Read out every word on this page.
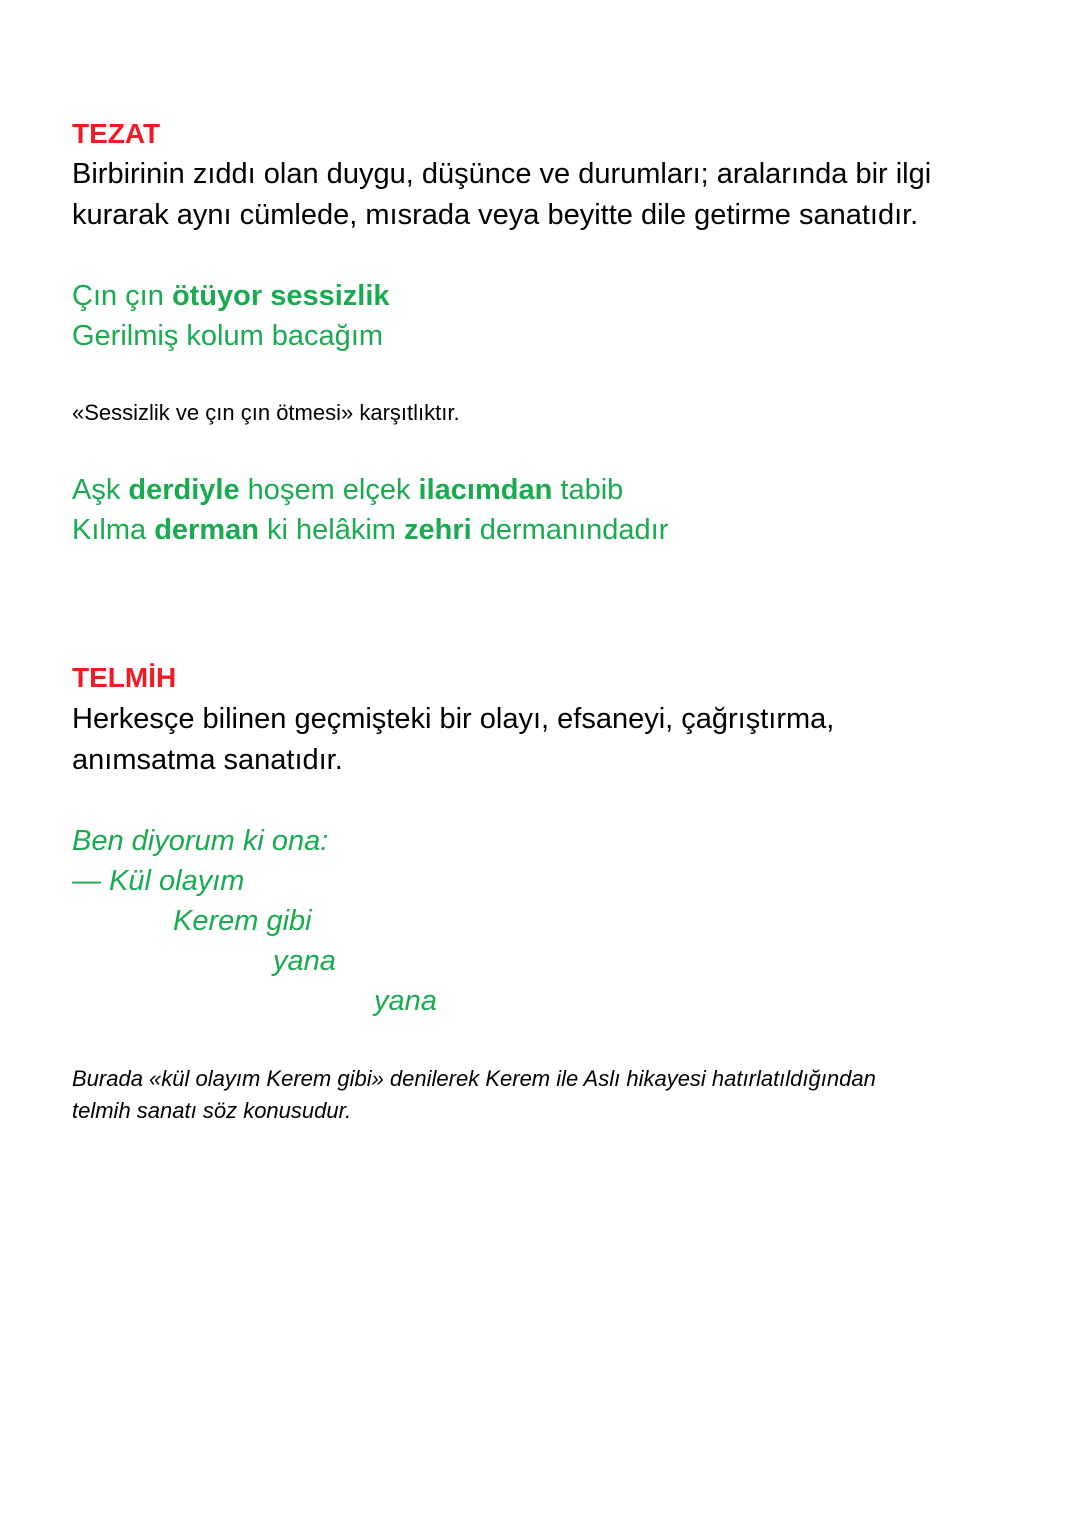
TEZAT
Birbirinin zıddı olan duygu, düşünce ve durumları; aralarında bir ilgi
kurarak aynı cümlede, mısrada veya beyitte dile getirme sanatıdır.
Çın çın ötüyor sessizlik
Gerilmiş kolum bacağım
«Sessizlik ve çın çın ötmesi» karşıtlıktır.
Aşk derdiyle hoşem elçek ilacımdan tabib
Kılma derman ki helâkim zehri dermanındadır
TELMİH
Herkesçe bilinen geçmişteki bir olayı, efsaneyi, çağrıştırma,
anımsatma sanatıdır.
Ben diyorum ki ona:
— Kül olayım
Kerem gibi
yana
yana
Burada «kül olayım Kerem gibi» denilerek Kerem ile Aslı hikayesi hatırlatıldığından
telmih sanatı söz konusudur.
